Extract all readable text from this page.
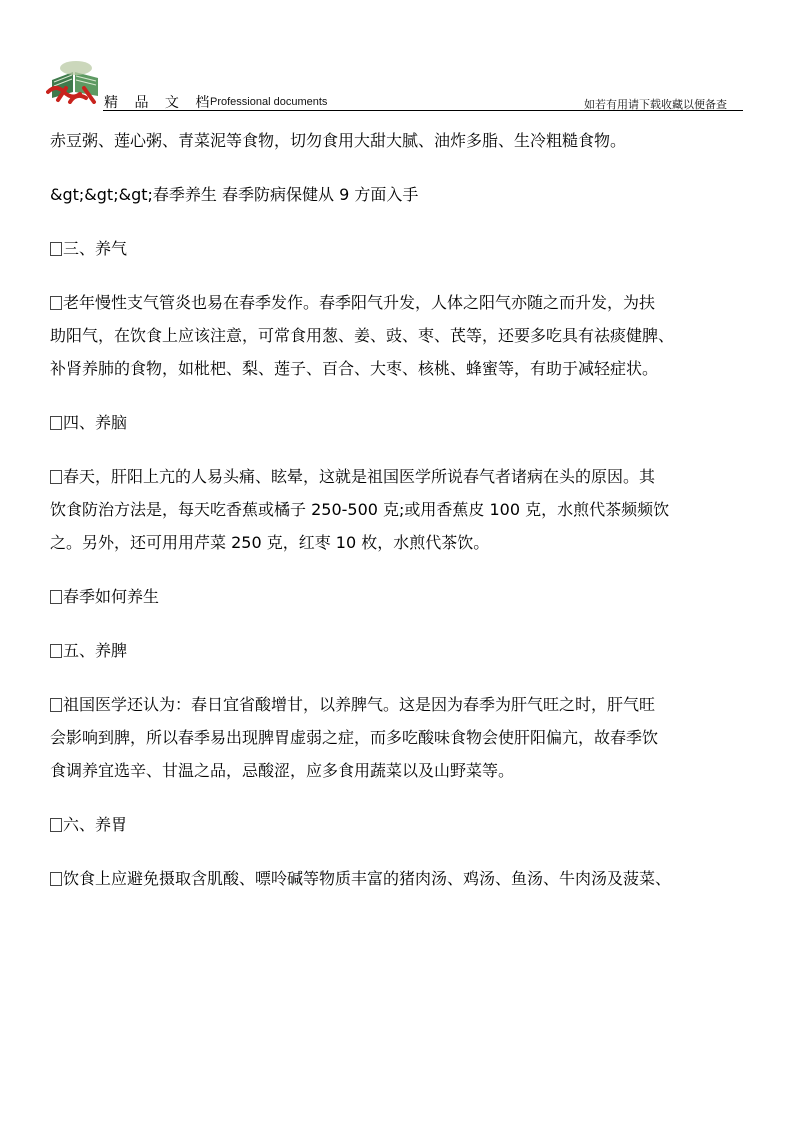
精 品 文 档
Professional documents	如若有用请下载收藏以便备查

赤豆粥、莲心粥、青菜泥等食物，切勿食用大甜大腻、油炸多脂、生冷粗糙食物。

&gt;&gt;&gt;春季养生 春季防病保健从 9 方面入手

三、养气

老年慢性支气管炎也易在春季发作。春季阳气升发，人体之阳气亦随之而升发，为扶

助阳气，在饮食上应该注意，可常食用葱、姜、豉、枣、芪等，还要多吃具有祛痰健脾、

补肾养肺的食物，如枇杷、梨、莲子、百合、大枣、核桃、蜂蜜等，有助于减轻症状。

四、养脑

春天，肝阳上亢的人易头痛、眩晕，这就是祖国医学所说春气者诸病在头的原因。其

饮食防治方法是，每天吃香蕉或橘子 250-500 克;或用香蕉皮 100 克，水煎代茶频频饮

之。另外，还可用用芹菜 250 克，红枣 10 枚，水煎代茶饮。

春季如何养生

五、养脾

祖国医学还认为：春日宜省酸增甘，以养脾气。这是因为春季为肝气旺之时，肝气旺

会影响到脾，所以春季易出现脾胃虚弱之症，而多吃酸味食物会使肝阳偏亢，故春季饮

食调养宜选辛、甘温之品，忌酸涩，应多食用蔬菜以及山野菜等。

六、养胃

饮食上应避免摄取含肌酸、嘌呤碱等物质丰富的猪肉汤、鸡汤、鱼汤、牛肉汤及菠菜、
